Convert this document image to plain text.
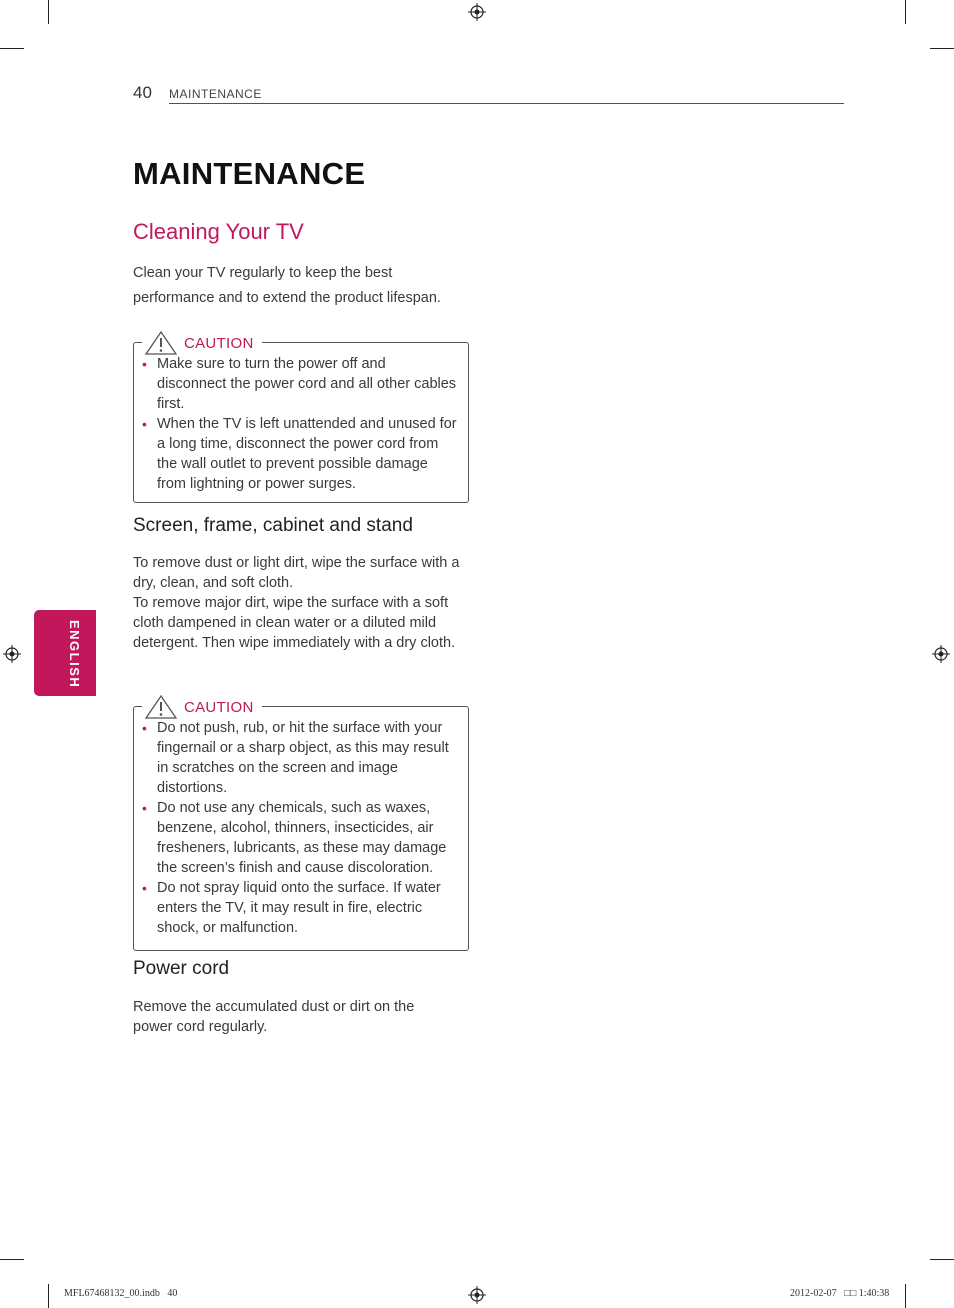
40 MAINTENANCE
MAINTENANCE
Cleaning Your TV
Clean your TV regularly to keep the best
performance and to extend the product lifespan.
CAUTION
• Make sure to turn the power off and disconnect the power cord and all other cables first.
• When the TV is left unattended and unused for a long time, disconnect the power cord from the wall outlet to prevent possible damage from lightning or power surges.
Screen, frame, cabinet and stand
To remove dust or light dirt, wipe the surface with a dry, clean, and soft cloth.
To remove major dirt, wipe the surface with a soft cloth dampened in clean water or a diluted mild detergent. Then wipe immediately with a dry cloth.
CAUTION
• Do not push, rub, or hit the surface with your fingernail or a sharp object, as this may result in scratches on the screen and image distortions.
• Do not use any chemicals, such as waxes, benzene, alcohol, thinners, insecticides, air fresheners, lubricants, as these may damage the screen’s finish and cause discoloration.
• Do not spray liquid onto the surface. If water enters the TV, it may result in fire, electric shock, or malfunction.
Power cord
Remove the accumulated dust or dirt on the power cord regularly.
ENGLISH
MFL67468132_00.indb   40	2012-02-07   □□ 1:40:38
